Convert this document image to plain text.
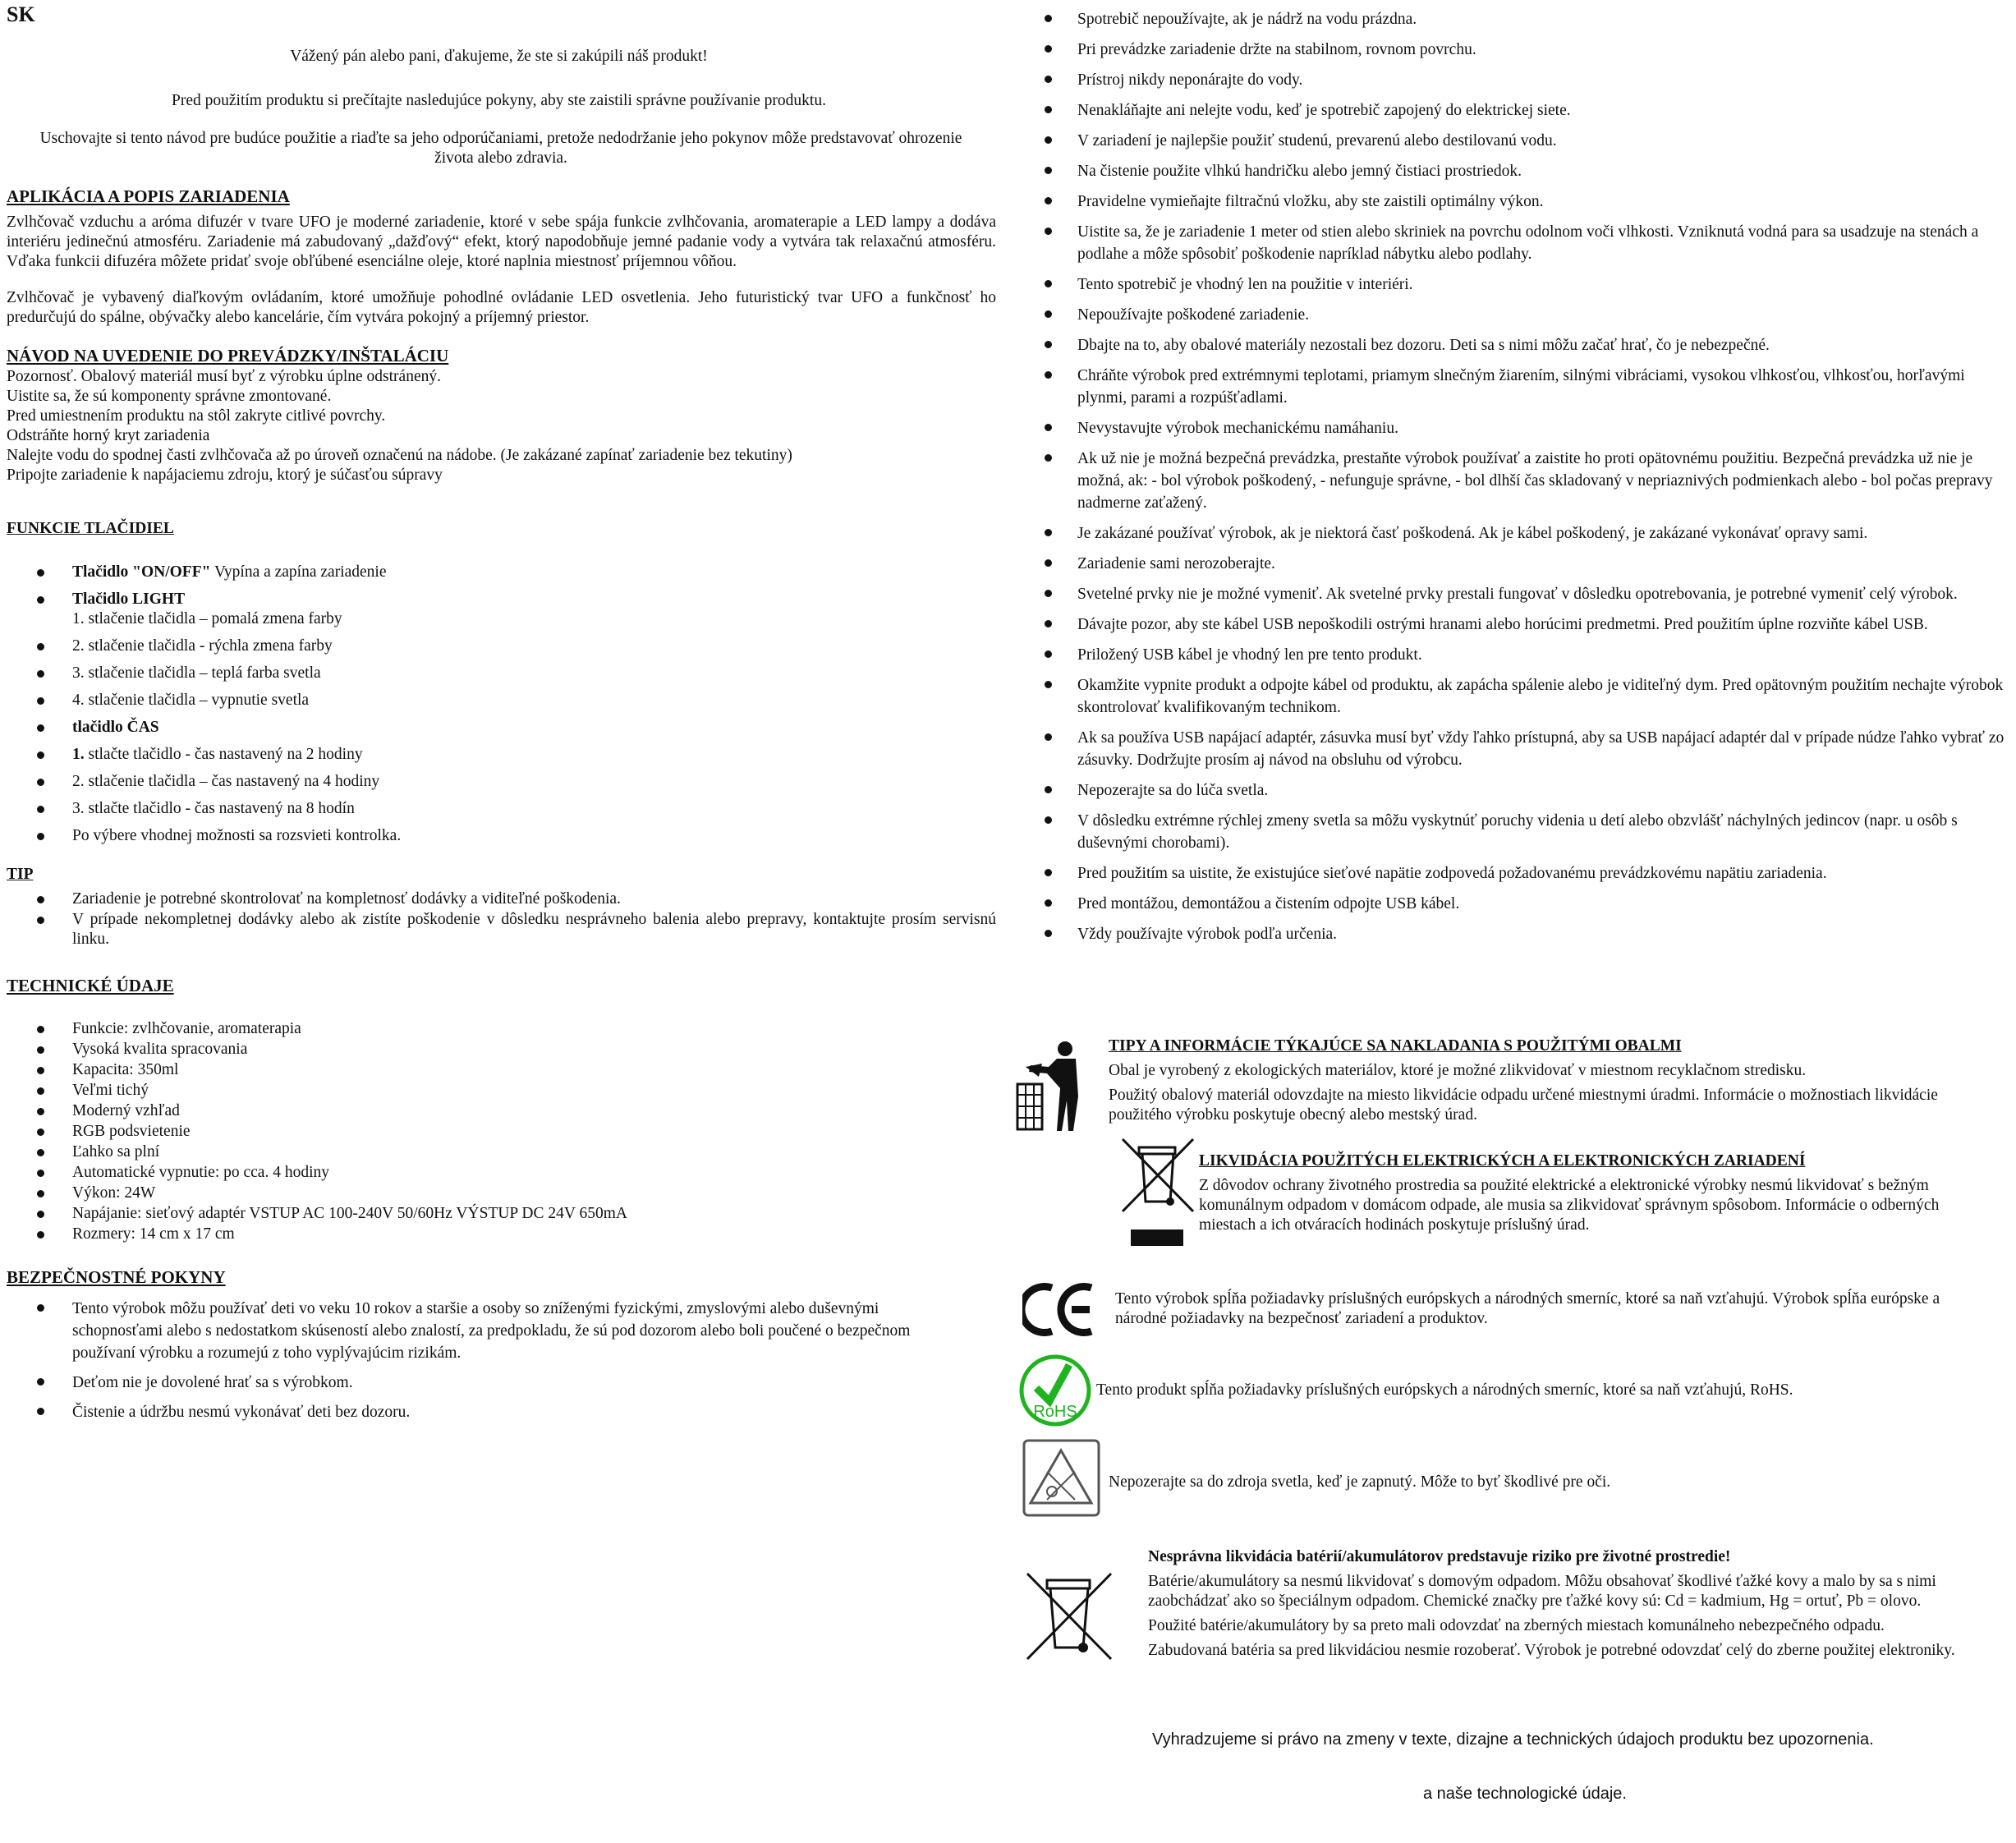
SK
Vážený pán alebo pani, ďakujeme, že ste si zakúpili náš produkt!
Pred použitím produktu si prečítajte nasledujúce pokyny, aby ste zaistili správne používanie produktu.
Uschovajte si tento návod pre budúce použitie a riaďte sa jeho odporúčaniami, pretože nedodržanie jeho pokynov môže predstavovať ohrozenie života alebo zdravia.
APLIKÁCIA A POPIS ZARIADENIA
Zvlhčovač vzduchu a aróma difuzér v tvare UFO je moderné zariadenie, ktoré v sebe spája funkcie zvlhčovania, aromaterapie a LED lampy a dodáva interiéru jedinečnú atmosféru. Zariadenie má zabudovaný „dažďový“ efekt, ktorý napodobňuje jemné padanie vody a vytvára tak relaxačnú atmosféru. Vďaka funkcii difuzéra môžete pridať svoje obľúbené esenciálne oleje, ktoré naplnia miestnosť príjemnou vôňou.
Zvlhčovač je vybavený diaľkovým ovládaním, ktoré umožňuje pohodlné ovládanie LED osvetlenia. Jeho futuristický tvar UFO a funkčnosť ho predurčujú do spálne, obývačky alebo kancelárie, čím vytvára pokojný a príjemný priestor.
NÁVOD NA UVEDENIE DO PREVÁDZKY/INŠTALÁCIU
Pozornosť. Obalový materiál musí byť z výrobku úplne odstránený.
Uistite sa, že sú komponenty správne zmontované.
Pred umiestnením produktu na stôl zakryte citlivé povrchy.
Odstráňte horný kryt zariadenia
Nalejte vodu do spodnej časti zvlhčovača až po úroveň označenú na nádobe. (Je zakázané zapínať zariadenie bez tekutiny)
Pripojte zariadenie k napájaciemu zdroju, ktorý je súčasťou súpravy
FUNKCIE TLAČIDIEL
Tlačidlo "ON/OFF" Vypína a zapína zariadenie
Tlačidlo LIGHT
1. stlačenie tlačidla – pomalá zmena farby
2. stlačenie tlačidla - rýchla zmena farby
3. stlačenie tlačidla – teplá farba svetla
4. stlačenie tlačidla – vypnutie svetla
tlačidlo ČAS
1. stlačte tlačidlo - čas nastavený na 2 hodiny
2. stlačenie tlačidla – čas nastavený na 4 hodiny
3. stlačte tlačidlo - čas nastavený na 8 hodín
Po výbere vhodnej možnosti sa rozsvieti kontrolka.
TIP
Zariadenie je potrebné skontrolovať na kompletnosť dodávky a viditeľné poškodenia.
V prípade nekompletnej dodávky alebo ak zistíte poškodenie v dôsledku nesprávneho balenia alebo prepravy, kontaktujte prosím servisnú linku.
TECHNICKÉ ÚDAJE
Funkcie: zvlhčovanie, aromaterapia
Vysoká kvalita spracovania
Kapacita: 350ml
Veľmi tichý
Moderný vzhľad
RGB podsvietenie
Ľahko sa plní
Automatické vypnutie: po cca. 4 hodiny
Výkon: 24W
Napájanie: sieťový adaptér VSTUP AC 100-240V 50/60Hz VÝSTUP DC 24V 650mA
Rozmery: 14 cm x 17 cm
BEZPEČNOSTNÉ POKYNY
Tento výrobok môžu používať deti vo veku 10 rokov a staršie a osoby so zníženými fyzickými, zmyslovými alebo duševnými schopnosťami alebo s nedostatkom skúseností alebo znalostí, za predpokladu, že sú pod dozorom alebo boli poučené o bezpečnom používaní výrobku a rozumejú z toho vyplývajúcim rizikám.
Deťom nie je dovolené hrať sa s výrobkom.
Čistenie a údržbu nesmú vykonávať deti bez dozoru.
Spotrebič nepoužívajte, ak je nádrž na vodu prázdna.
Pri prevádzke zariadenie držte na stabilnom, rovnom povrchu.
Prístroj nikdy neponárajte do vody.
Nenakláňajte ani nelejte vodu, keď je spotrebič zapojený do elektrickej siete.
V zariadení je najlepšie použiť studenú, prevarenú alebo destilovanú vodu.
Na čistenie použite vlhkú handričku alebo jemný čistiaci prostriedok.
Pravidelne vymieňajte filtračnú vložku, aby ste zaistili optimálny výkon.
Uistite sa, že je zariadenie 1 meter od stien alebo skriniek na povrchu odolnom voči vlhkosti. Vzniknutá vodná para sa usadzuje na stenách a podlahe a môže spôsobiť poškodenie napríklad nábytku alebo podlahy.
Tento spotrebič je vhodný len na použitie v interiéri.
Nepoužívajte poškodené zariadenie.
Dbajte na to, aby obalové materiály nezostali bez dozoru. Deti sa s nimi môžu začať hrať, čo je nebezpečné.
Chráňte výrobok pred extrémnymi teplotami, priamym slnečným žiarením, silnými vibráciami, vysokou vlhkosťou, vlhkosťou, horľavými plynmi, parami a rozpúšťadlami.
Nevystavujte výrobok mechanickému namáhaniu.
Ak už nie je možná bezpečná prevádzka, prestaňte výrobok používať a zaistite ho proti opätovnému použitiu. Bezpečná prevádzka už nie je možná, ak: - bol výrobok poškodený, - nefunguje správne, - bol dlhší čas skladovaný v nepriaznivých podmienkach alebo - bol počas prepravy nadmerne zaťažený.
Je zakázané používať výrobok, ak je niektorá časť poškodená. Ak je kábel poškodený, je zakázané vykonávať opravy sami.
Zariadenie sami nerozoberajte.
Svetelné prvky nie je možné vymeniť. Ak svetelné prvky prestali fungovať v dôsledku opotrebovania, je potrebné vymeniť celý výrobok.
Dávajte pozor, aby ste kábel USB nepoškodili ostrými hranami alebo horúcimi predmetmi. Pred použitím úplne rozviňte kábel USB.
Priložený USB kábel je vhodný len pre tento produkt.
Okamžite vypnite produkt a odpojte kábel od produktu, ak zapácha spálenie alebo je viditeľný dym. Pred opätovným použitím nechajte výrobok skontrolovať kvalifikovaným technikom.
Ak sa používa USB napájací adaptér, zásuvka musí byť vždy ľahko prístupná, aby sa USB napájací adaptér dal v prípade núdze ľahko vybrať zo zásuvky. Dodržujte prosím aj návod na obsluhu od výrobcu.
Nepozerajte sa do lúča svetla.
V dôsledku extrémne rýchlej zmeny svetla sa môžu vyskytnúť poruchy videnia u detí alebo obzvlášť náchylných jedincov (napr. u osôb s duševnými chorobami).
Pred použitím sa uistite, že existujúce sieťové napätie zodpovedá požadovanému prevádzkovému napätiu zariadenia.
Pred montážou, demontážou a čistením odpojte USB kábel.
Vždy používajte výrobok podľa určenia.
TIPY A INFORMÁCIE TÝKAJÚCE SA NAKLADANIA S POUŽITÝMI OBALMI
Obal je vyrobený z ekologických materiálov, ktoré je možné zlikvidovať v miestnom recyklačnom stredisku.
Použitý obalový materiál odovzdajte na miesto likvidácie odpadu určené miestnymi úradmi. Informácie o možnostiach likvidácie použitého výrobku poskytuje obecný alebo mestský úrad.
LIKVIDÁCIA POUŽITÝCH ELEKTRICKÝCH A ELEKTRONICKÝCH ZARIADENÍ
Z dôvodov ochrany životného prostredia sa použité elektrické a elektronické výrobky nesmú likvidovať s bežným komunálnym odpadom v domácom odpade, ale musia sa zlikvidovať správnym spôsobom. Informácie o odberných miestach a ich otváracích hodinách poskytuje príslušný úrad.
Tento výrobok spĺňa požiadavky príslušných európskych a národných smerníc, ktoré sa naň vzťahujú. Výrobok spĺňa európske a národné požiadavky na bezpečnosť zariadení a produktov.
RoHS
Tento produkt spĺňa požiadavky príslušných európskych a národných smerníc, ktoré sa naň vzťahujú, RoHS.
Nepozerajte sa do zdroja svetla, keď je zapnutý. Môže to byť škodlivé pre oči.
Nesprávna likvidácia batérií/akumulátorov predstavuje riziko pre životné prostredie!
Batérie/akumulátory sa nesmú likvidovať s domovým odpadom. Môžu obsahovať škodlivé ťažké kovy a malo by sa s nimi zaobchádzať ako so špeciálnym odpadom. Chemické značky pre ťažké kovy sú: Cd = kadmium, Hg = ortuť, Pb = olovo.
Použité batérie/akumulátory by sa preto mali odovzdať na zberných miestach komunálneho nebezpečného odpadu.
Zabudovaná batéria sa pred likvidáciou nesmie rozoberať. Výrobok je potrebné odovzdať celý do zberne použitej elektroniky.
Vyhradzujeme si právo na zmeny v texte, dizajne a technických údajoch produktu bez upozornenia.
a naše technologické údaje.
